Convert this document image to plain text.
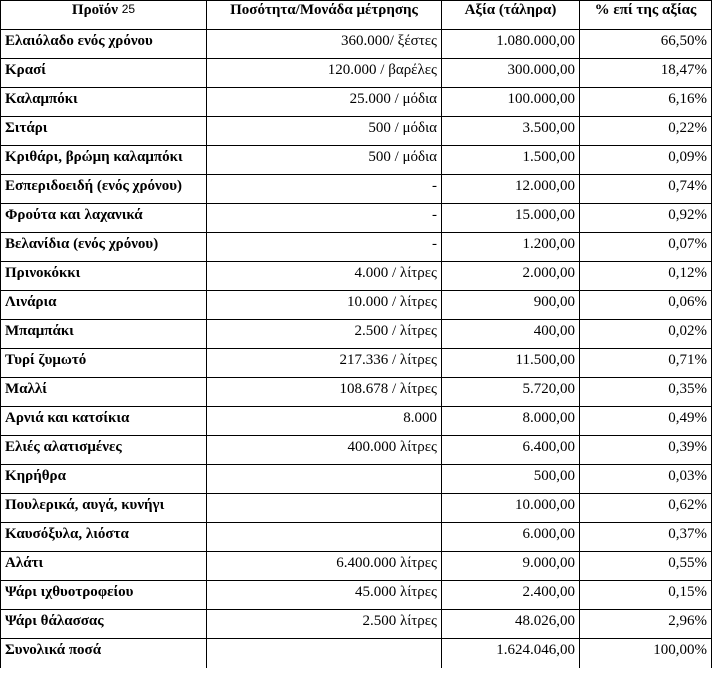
Προϊόν $^{25}$	Ποσότητα/Μονάδα μέτρησης	Αξία (τάληρα)	% επί της αξίας
Ελαιόλαδο ενός χρόνου	360.000/ ξέστες	1.080.000,00	66,50%
Κρασί	120.000 / βαρέλες	300.000,00	18,47%
Καλαμπόκι	25.000 / μόδια	100.000,00	6,16%
Σιτάρι	500 / μόδια	3.500,00	0,22%
Κριθάρι, βρώμη καλαμπόκι	500 / μόδια	1.500,00	0,09%
Εσπεριδοειδή (ενός χρόνου)	-	12.000,00	0,74%
Φρούτα και λαχανικά	-	15.000,00	0,92%
Βελανίδια (ενός χρόνου)	-	1.200,00	0,07%
Πρινοκόκκι	4.000 / λίτρες	2.000,00	0,12%
Λινάρια	10.000 / λίτρες	900,00	0,06%
Μπαμπάκι	2.500 / λίτρες	400,00	0,02%
Τυρί ζυμωτό	217.336 / λίτρες	11.500,00	0,71%
Μαλλί	108.678 / λίτρες	5.720,00	0,35%
Αρνιά και κατσίκια	8.000	8.000,00	0,49%
Ελιές αλατισμένες	400.000 λίτρες	6.400,00	0,39%
Κηρήθρα		500,00	0,03%
Πουλερικά, αυγά, κυνήγι		10.000,00	0,62%
Καυσόξυλα, λιόστα		6.000,00	0,37%
Αλάτι	6.400.000 λίτρες	9.000,00	0,55%
Ψάρι ιχθυοτροφείου	45.000 λίτρες	2.400,00	0,15%
Ψάρι θάλασσας	2.500 λίτρες	48.026,00	2,96%
Συνολικά ποσά		1.624.046,00	100,00%
